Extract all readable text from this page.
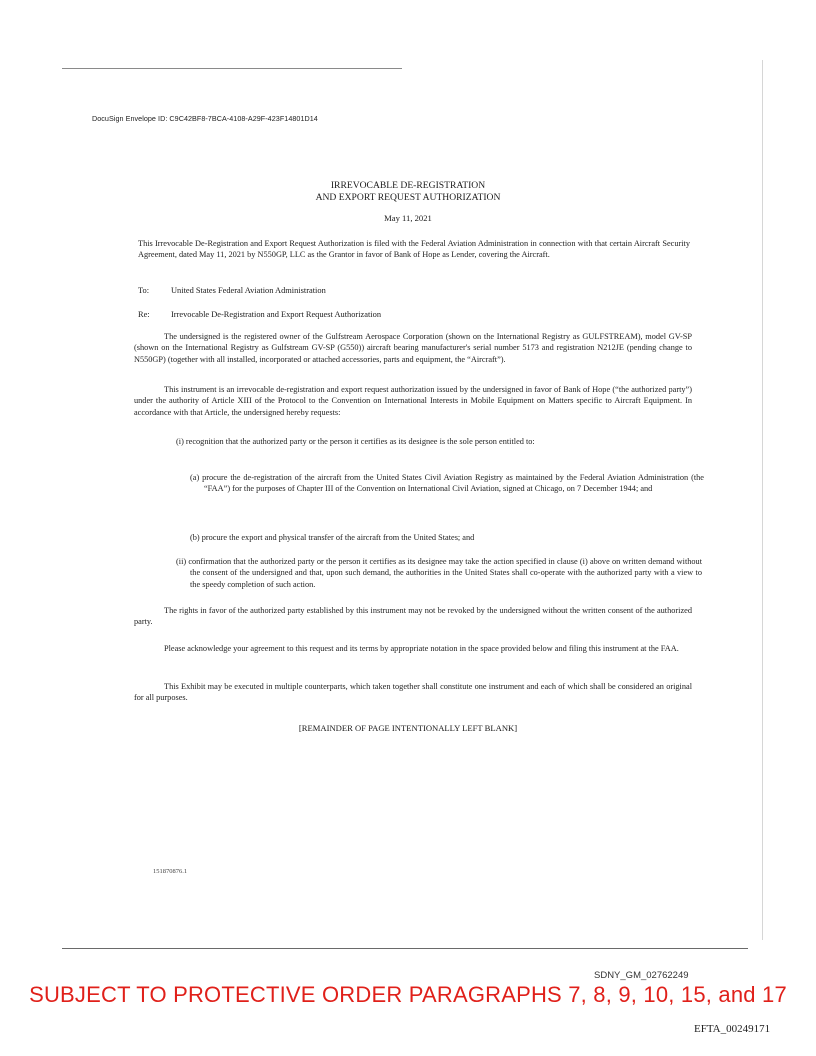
DocuSign Envelope ID: C9C42BF8-7BCA-4108-A29F-423F14801D14
IRREVOCABLE DE-REGISTRATION
AND EXPORT REQUEST AUTHORIZATION
May 11, 2021
This Irrevocable De-Registration and Export Request Authorization is filed with the Federal Aviation Administration in connection with that certain Aircraft Security Agreement, dated May 11, 2021 by N550GP, LLC as the Grantor in favor of Bank of Hope as Lender, covering the Aircraft.
To:	United States Federal Aviation Administration
Re:	Irrevocable De-Registration and Export Request Authorization
The undersigned is the registered owner of the Gulfstream Aerospace Corporation (shown on the International Registry as GULFSTREAM), model GV-SP (shown on the International Registry as Gulfstream GV-SP (G550)) aircraft bearing manufacturer's serial number 5173 and registration N212JE (pending change to N550GP) (together with all installed, incorporated or attached accessories, parts and equipment, the “Aircraft”).
This instrument is an irrevocable de-registration and export request authorization issued by the undersigned in favor of Bank of Hope (“the authorized party”) under the authority of Article XIII of the Protocol to the Convention on International Interests in Mobile Equipment on Matters specific to Aircraft Equipment. In accordance with that Article, the undersigned hereby requests:
(i) recognition that the authorized party or the person it certifies as its designee is the sole person entitled to:
(a) procure the de-registration of the aircraft from the United States Civil Aviation Registry as maintained by the Federal Aviation Administration (the “FAA”) for the purposes of Chapter III of the Convention on International Civil Aviation, signed at Chicago, on 7 December 1944; and
(b) procure the export and physical transfer of the aircraft from the United States; and
(ii) confirmation that the authorized party or the person it certifies as its designee may take the action specified in clause (i) above on written demand without the consent of the undersigned and that, upon such demand, the authorities in the United States shall co-operate with the authorized party with a view to the speedy completion of such action.
The rights in favor of the authorized party established by this instrument may not be revoked by the undersigned without the written consent of the authorized party.
Please acknowledge your agreement to this request and its terms by appropriate notation in the space provided below and filing this instrument at the FAA.
This Exhibit may be executed in multiple counterparts, which taken together shall constitute one instrument and each of which shall be considered an original for all purposes.
[REMAINDER OF PAGE INTENTIONALLY LEFT BLANK]
151870876.1
SDNY_GM_02762249
SUBJECT TO PROTECTIVE ORDER PARAGRAPHS 7, 8, 9, 10, 15, and 17
EFTA_00249171
